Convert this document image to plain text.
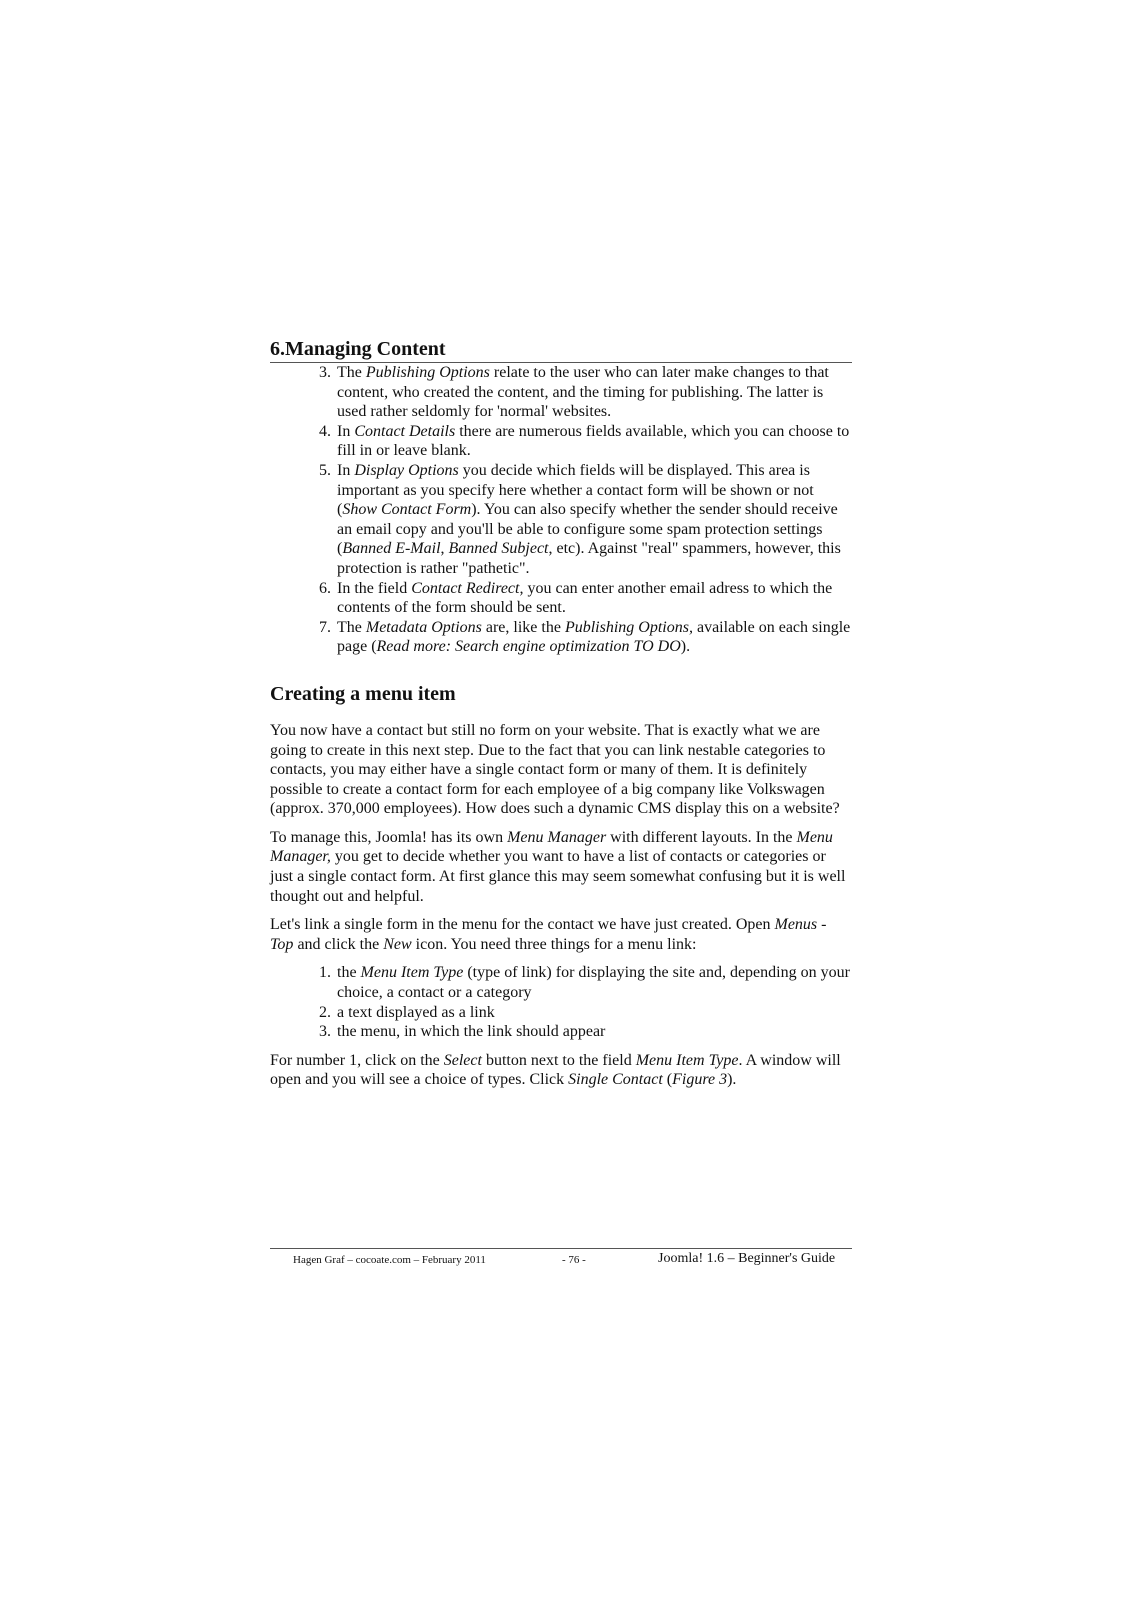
6.Managing Content
3. The Publishing Options relate to the user who can later make changes to that content, who created the content, and the timing for publishing. The latter is used rather seldomly for 'normal' websites.
4. In Contact Details there are numerous fields available, which you can choose to fill in or leave blank.
5. In Display Options you decide which fields will be displayed. This area is important as you specify here whether a contact form will be shown or not (Show Contact Form). You can also specify whether the sender should receive an email copy and you'll be able to configure some spam protection settings (Banned E-Mail, Banned Subject, etc). Against "real" spammers, however, this protection is rather "pathetic".
6. In the field Contact Redirect, you can enter another email adress to which the contents of the form should be sent.
7. The Metadata Options are, like the Publishing Options, available on each single page (Read more: Search engine optimization TO DO).
Creating a menu item

You now have a contact but still no form on your website. That is exactly what we are going to create in this next step. Due to the fact that you can link nestable categories to contacts, you may either have a single contact form or many of them. It is definitely possible to create a contact form for each employee of a big company like Volkswagen (approx. 370,000 employees). How does such a dynamic CMS display this on a website?

To manage this, Joomla! has its own Menu Manager with different layouts. In the Menu Manager, you get to decide whether you want to have a list of contacts or categories or just a single contact form. At first glance this may seem somewhat confusing but it is well thought out and helpful.

Let's link a single form in the menu for the contact we have just created. Open Menus - Top and click the New icon. You need three things for a menu link:

1. the Menu Item Type (type of link) for displaying the site and, depending on your choice, a contact or a category
2. a text displayed as a link
3. the menu, in which the link should appear

For number 1, click on the Select button next to the field Menu Item Type. A window will open and you will see a choice of types. Click Single Contact (Figure 3).

Hagen Graf – cocoate.com – February 2011	- 76 -	Joomla! 1.6 – Beginner's Guide
